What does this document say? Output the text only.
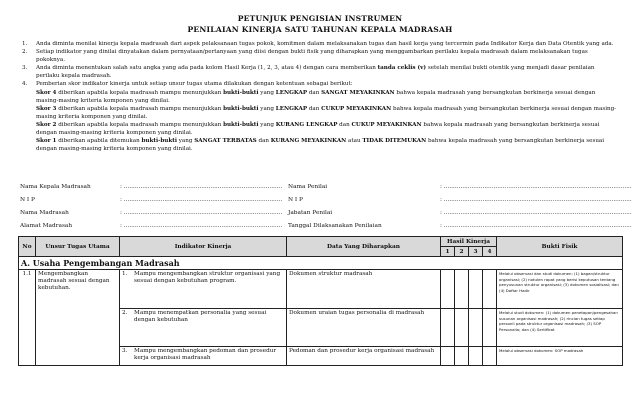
PETUNJUK PENGISIAN INSTRUMEN
PENILAIAN KINERJA SATU TAHUNAN KEPALA MADRASAH
1.	Anda diminta menilai kinerja kepala madrasah dari aspek pelaksanaan tugas pokok, komitmen dalam melaksanakan tugas dan hasil kerja yang tercermin pada Indikator Kerja dan Data Otentik yang ada.
2.	Setiap indikator yang dinilai dinyatakan dalam pernyataan/pertanyaan yang diisi dengan bukti fisik yang diharapkan yang menggambarkan perilaku kepala madrasah dalam melaksanakan tugas pokoknya.
3.	Anda diminta menentukan salah satu angka yang ada pada kolom Hasil Kerja (1, 2, 3, atau 4) dengan cara memberikan tanda ceklis (v) setelah menilai bukti otentik yang menjadi dasar penilaian perilaku kepala madrasah.
4.	Pemberian skor indikator kinerja untuk setiap unsur tugas utama dilakukan dengan ketentuan sebagai berikut:
Skor 4 diberikan apabila kepala madrasah mampu menunjukkan bukti-bukti yang LENGKAP dan SANGAT MEYAKINKAN bahwa kepala madrasah yang bersangkutan berkinerja sesuai dengan masing-masing kriteria komponen yang dinilai.
Skor 3 diberikan apabila kepala madrasah mampu menunjukkan bukti-bukti yang LENGKAP dan CUKUP MEYAKINKAN bahwa kepala madrasah yang bersangkutan berkinerja sesuai dengan masing-masing kriteria komponen yang dinilai.
Skor 2 diberikan apabila kepala madrasah mampu menunjukkan bukti-bukti yang KURANG LENGKAP dan CUKUP MEYAKINKAN bahwa kepala madrasah yang bersangkutan berkinerja sesuai dengan masing-masing kriteria komponen yang dinilai.
Skor 1 diberikan apabila ditemukan bukti-bukti yang SANGAT TERBATAS dan KURANG MEYAKINKAN atau TIDAK DITEMUKAN bahwa kepala madrasah yang bersangkutan berkinerja sesuai dengan masing-masing kriteria komponen yang dinilai.
Nama Kepala Madrasah	: ......................................................................................
N I P	: ......................................................................................
Nama Madrasah	: ......................................................................................
Alamat Madrasah	: ......................................................................................
Nama Penilai	: ......................................................................................................
N I P	: ......................................................................................................
Jabatan Penilai	: ......................................................................................................
Tanggal Dilaksanakan Penilaian	: ......................................................................................................
No	Unsur Tugas Utama	Indikator Kinerja	Data Yang Diharapkan	Hasil Kinerja				Bukti Fisik
				1	2	3	4	
A. Usaha Pengembangan Madrasah								
1.1	Mengembangkan madrasah sesuai dengan kebutuhan.	1. Mampu mengembangkan struktur organisasi yang sesuai dengan kebutuhan program.	Dokumen struktur madrasah					Melalui observasi dan studi dokumen: (1) bagan/struktur organisasi; (2) notulen rapat yang berisi keputusan tentang penyusunan struktur organisasi; (3) dokumen sosialisasi; dan (4) Daftar Hadir

		2. Mampu menempatkan personalia yang sesuai dengan kebutuhan	Dokumen uraian tugas personalia di madrasah					Melalui studi dokumen: (1) dokumen penetapan/pengesahan susunan organisasi madrasah; (2) rincian tugas setiap personil pada struktur organisasi madrasah; (3) SOP Personalia; dan (4) Sertifikat

		3. Mampu mengembangkan pedoman dan prosedur kerja organisasi madrasah	Pedoman dan prosedur kerja organisasi madrasah					Melalui observasi dokumen: SOP madrasah
